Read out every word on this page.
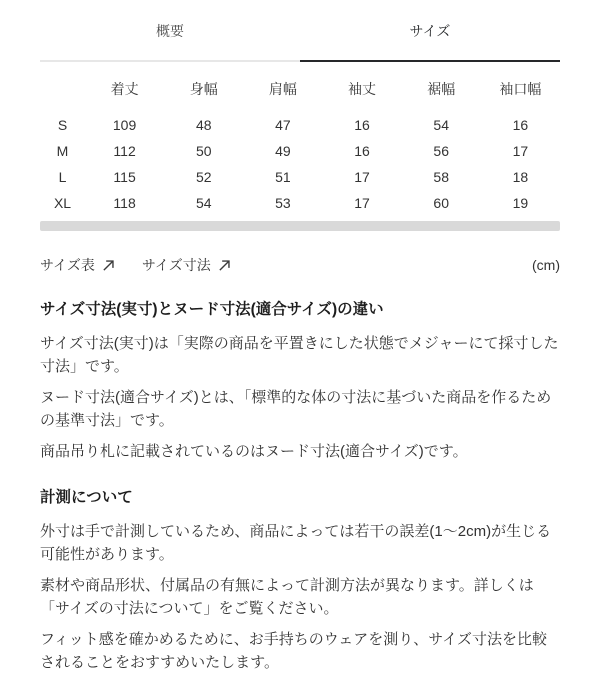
概要	サイズ
	着丈	身幅	肩幅	袖丈	裾幅	袖口幅
S	109	48	47	16	54	16
M	112	50	49	16	56	17
L	115	52	51	17	58	18
XL	118	54	53	17	60	19
サイズ表	サイズ寸法	(cm)
サイズ寸法(実寸)とヌード寸法(適合サイズ)の違い

サイズ寸法(実寸)は「実際の商品を平置きにした状態でメジャーにて採寸した寸法」です。

ヌード寸法(適合サイズ)とは、「標準的な体の寸法に基づいた商品を作るための基準寸法」です。

商品吊り札に記載されているのはヌード寸法(適合サイズ)です。

計測について

外寸は手で計測しているため、商品によっては若干の誤差(1〜2cm)が生じる可能性があります。

素材や商品形状、付属品の有無によって計測方法が異なります。詳しくは「サイズの寸法について」をご覧ください。

フィット感を確かめるために、お手持ちのウェアを測り、サイズ寸法を比較されることをおすすめいたします。
